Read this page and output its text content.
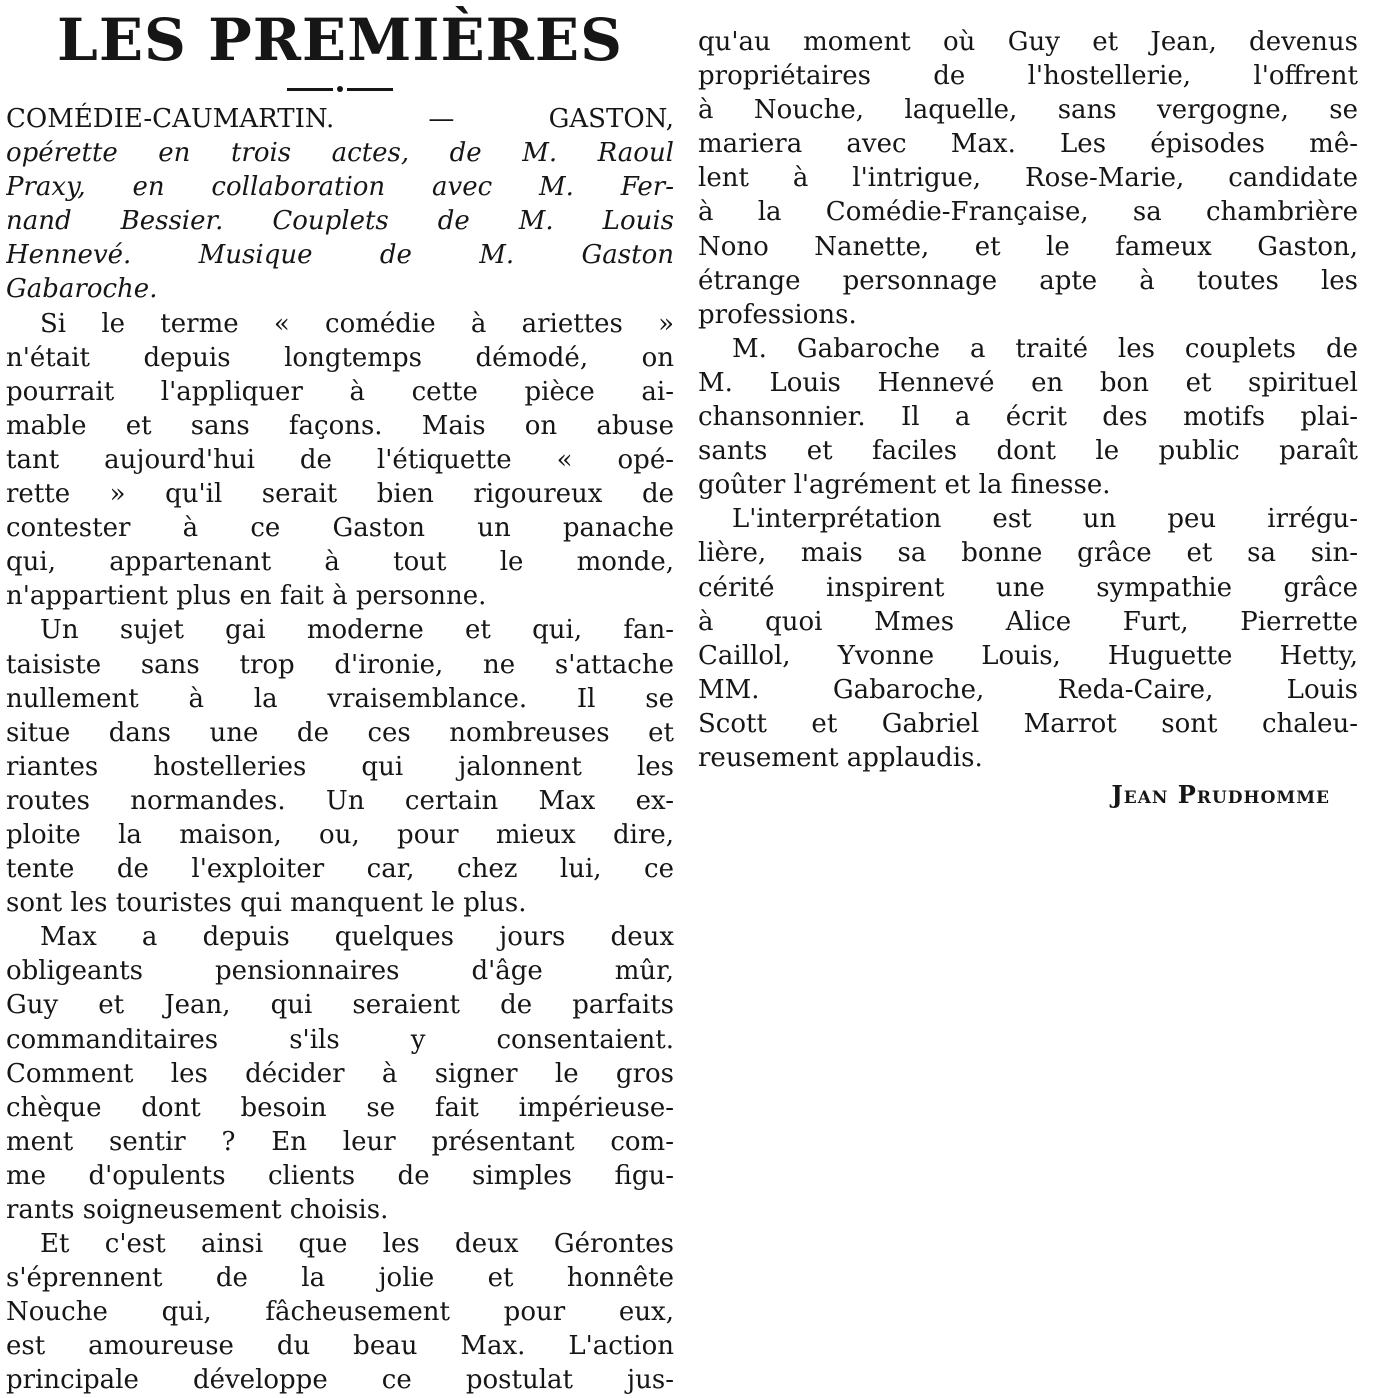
LES PREMIÈRES
COMÉDIE-CAUMARTIN. — GASTON,
opérette en trois actes, de M. Raoul
Praxy, en collaboration avec M. Fer-
nand Bessier. Couplets de M. Louis
Hennevé. Musique de M. Gaston
Gabaroche.
Si le terme « comédie à ariettes »
n'était depuis longtemps démodé, on
pourrait l'appliquer à cette pièce ai-
mable et sans façons. Mais on abuse
tant aujourd'hui de l'étiquette « opé-
rette » qu'il serait bien rigoureux de
contester à ce Gaston un panache
qui, appartenant à tout le monde,
n'appartient plus en fait à personne.
Un sujet gai moderne et qui, fan-
taisiste sans trop d'ironie, ne s'attache
nullement à la vraisemblance. Il se
situe dans une de ces nombreuses et
riantes hostelleries qui jalonnent les
routes normandes. Un certain Max ex-
ploite la maison, ou, pour mieux dire,
tente de l'exploiter car, chez lui, ce
sont les touristes qui manquent le plus.
Max a depuis quelques jours deux
obligeants pensionnaires d'âge mûr,
Guy et Jean, qui seraient de parfaits
commanditaires s'ils y consentaient.
Comment les décider à signer le gros
chèque dont besoin se fait impérieuse-
ment sentir ? En leur présentant com-
me d'opulents clients de simples figu-
rants soigneusement choisis.
Et c'est ainsi que les deux Gérontes
s'éprennent de la jolie et honnête
Nouche qui, fâcheusement pour eux,
est amoureuse du beau Max. L'action
principale développe ce postulat jus-
qu'au moment où Guy et Jean, devenus
propriétaires de l'hostellerie, l'offrent
à Nouche, laquelle, sans vergogne, se
mariera avec Max. Les épisodes mê-
lent à l'intrigue, Rose-Marie, candidate
à la Comédie-Française, sa chambrière
Nono Nanette, et le fameux Gaston,
étrange personnage apte à toutes les
professions.
M. Gabaroche a traité les couplets de
M. Louis Hennevé en bon et spirituel
chansonnier. Il a écrit des motifs plai-
sants et faciles dont le public paraît
goûter l'agrément et la finesse.
L'interprétation est un peu irrégu-
lière, mais sa bonne grâce et sa sin-
cérité inspirent une sympathie grâce
à quoi Mmes Alice Furt, Pierrette
Caillol, Yvonne Louis, Huguette Hetty,
MM. Gabaroche, Reda-Caire, Louis
Scott et Gabriel Marrot sont chaleu-
reusement applaudis.
Jean Prudhomme
